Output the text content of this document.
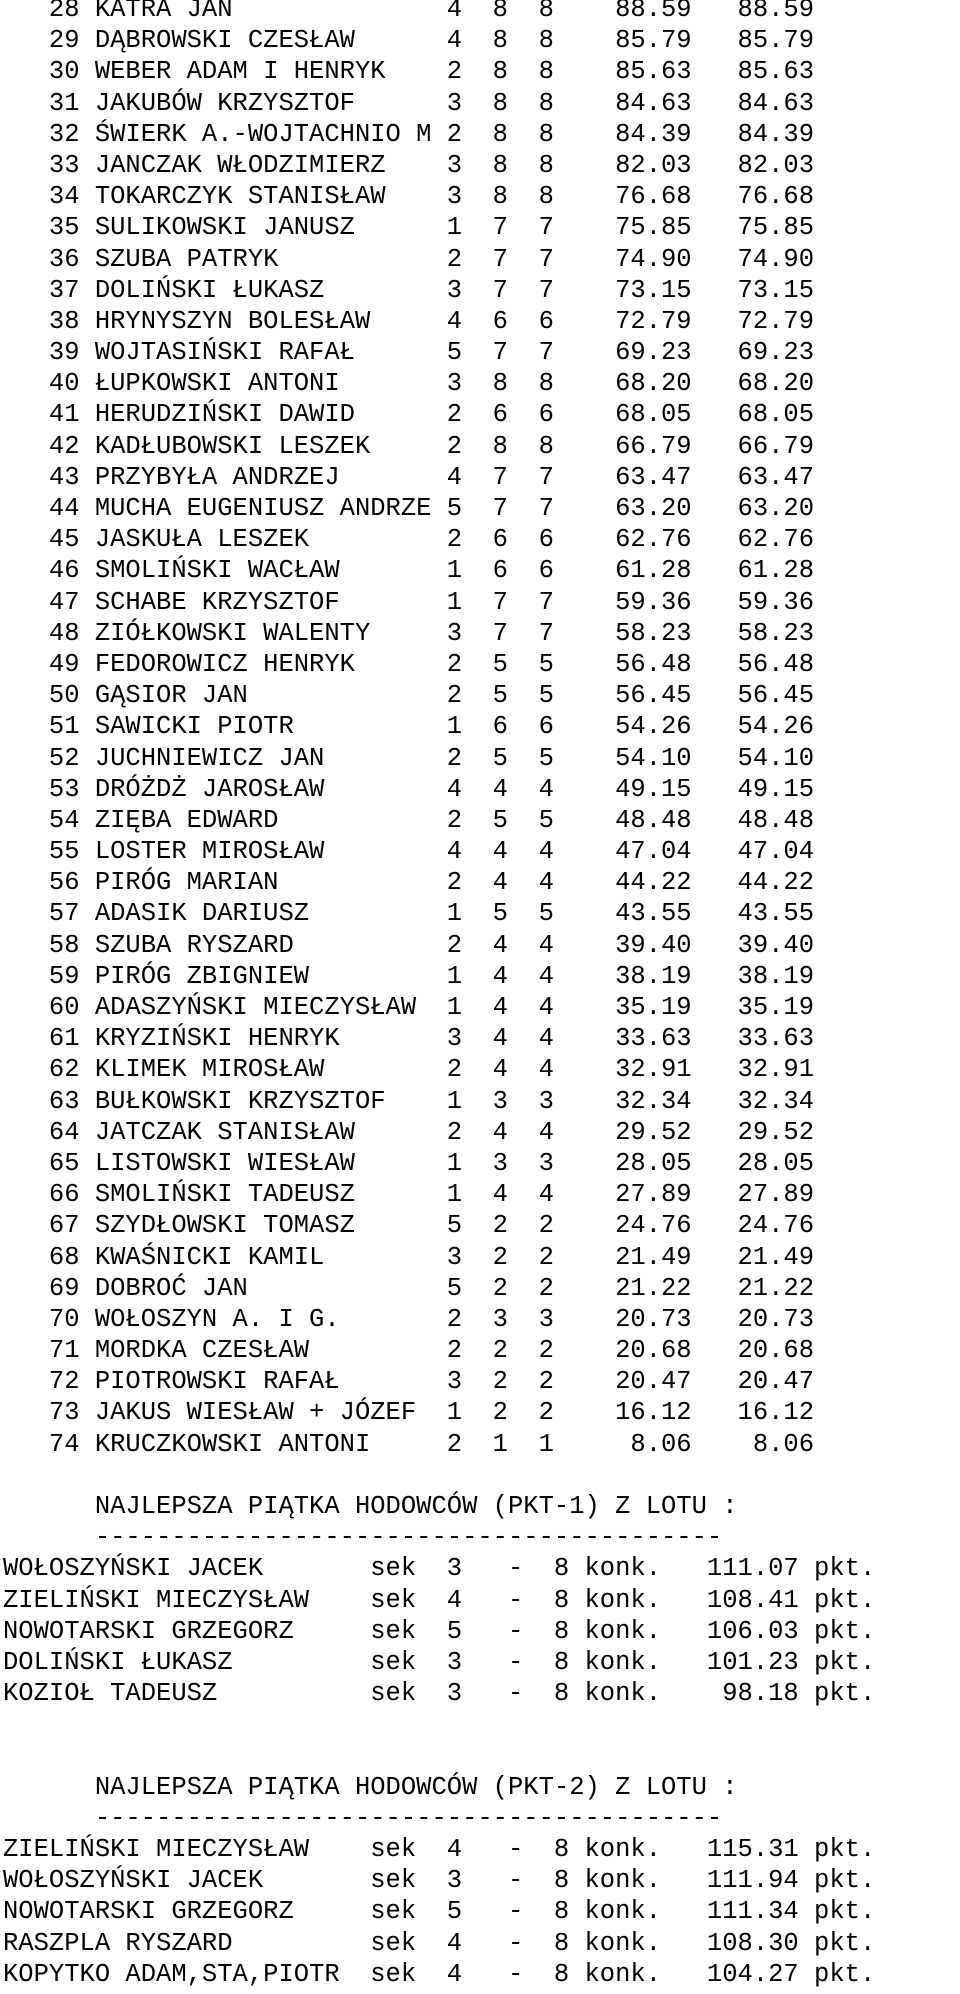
28 KATRA JAN              4  8  8    88.59   88.59
29 DĄBROWSKI CZESŁAW      4  8  8    85.79   85.79
30 WEBER ADAM I HENRYK    2  8  8    85.63   85.63
31 JAKUBÓW KRZYSZTOF      3  8  8    84.63   84.63
32 ŚWIERK A.-WOJTACHNIO M 2  8  8    84.39   84.39
33 JANCZAK WŁODZIMIERZ    3  8  8    82.03   82.03
34 TOKARCZYK STANISŁAW    3  8  8    76.68   76.68
35 SULIKOWSKI JANUSZ      1  7  7    75.85   75.85
36 SZUBA PATRYK           2  7  7    74.90   74.90
37 DOLIŃSKI ŁUKASZ        3  7  7    73.15   73.15
38 HRYNYSZYN BOLESŁAW     4  6  6    72.79   72.79
39 WOJTASIŃSKI RAFAŁ      5  7  7    69.23   69.23
40 ŁUPKOWSKI ANTONI       3  8  8    68.20   68.20
41 HERUDZIŃSKI DAWID      2  6  6    68.05   68.05
42 KADŁUBOWSKI LESZEK     2  8  8    66.79   66.79
43 PRZYBYŁA ANDRZEJ       4  7  7    63.47   63.47
44 MUCHA EUGENIUSZ ANDRZE 5  7  7    63.20   63.20
45 JASKUŁA LESZEK         2  6  6    62.76   62.76
46 SMOLIŃSKI WACŁAW       1  6  6    61.28   61.28
47 SCHABE KRZYSZTOF       1  7  7    59.36   59.36
48 ZIÓŁKOWSKI WALENTY     3  7  7    58.23   58.23
49 FEDOROWICZ HENRYK      2  5  5    56.48   56.48
50 GĄSIOR JAN             2  5  5    56.45   56.45
51 SAWICKI PIOTR          1  6  6    54.26   54.26
52 JUCHNIEWICZ JAN        2  5  5    54.10   54.10
53 DRÓŻDŻ JAROSŁAW        4  4  4    49.15   49.15
54 ZIĘBA EDWARD           2  5  5    48.48   48.48
55 LOSTER MIROSŁAW        4  4  4    47.04   47.04
56 PIRÓG MARIAN           2  4  4    44.22   44.22
57 ADASIK DARIUSZ         1  5  5    43.55   43.55
58 SZUBA RYSZARD          2  4  4    39.40   39.40
59 PIRÓG ZBIGNIEW         1  4  4    38.19   38.19
60 ADASZYŃSKI MIECZYSŁAW  1  4  4    35.19   35.19
61 KRYZIŃSKI HENRYK       3  4  4    33.63   33.63
62 KLIMEK MIROSŁAW        2  4  4    32.91   32.91
63 BUŁKOWSKI KRZYSZTOF    1  3  3    32.34   32.34
64 JATCZAK STANISŁAW      2  4  4    29.52   29.52
65 LISTOWSKI WIESŁAW      1  3  3    28.05   28.05
66 SMOLIŃSKI TADEUSZ      1  4  4    27.89   27.89
67 SZYDŁOWSKI TOMASZ      5  2  2    24.76   24.76
68 KWAŚNICKI KAMIL        3  2  2    21.49   21.49
69 DOBROĆ JAN             5  2  2    21.22   21.22
70 WOŁOSZYN A. I G.       2  3  3    20.73   20.73
71 MORDKA CZESŁAW         2  2  2    20.68   20.68
72 PIOTROWSKI RAFAŁ       3  2  2    20.47   20.47
73 JAKUS WIESŁAW + JÓZEF  1  2  2    16.12   16.12
74 KRUCZKOWSKI ANTONI     2  1  1     8.06    8.06
NAJLEPSZA PIĄTKA HODOWCÓW (PKT-1) Z LOTU :
-----------------------------------------
WOŁOSZYŃSKI JACEK       sek  3   -  8 konk.   111.07 pkt.
ZIELIŃSKI MIECZYSŁAW    sek  4   -  8 konk.   108.41 pkt.
NOWOTARSKI GRZEGORZ     sek  5   -  8 konk.   106.03 pkt.
DOLIŃSKI ŁUKASZ         sek  3   -  8 konk.   101.23 pkt.
KOZIOŁ TADEUSZ          sek  3   -  8 konk.    98.18 pkt.
NAJLEPSZA PIĄTKA HODOWCÓW (PKT-2) Z LOTU :
-----------------------------------------
ZIELIŃSKI MIECZYSŁAW    sek  4   -  8 konk.   115.31 pkt.
WOŁOSZYŃSKI JACEK       sek  3   -  8 konk.   111.94 pkt.
NOWOTARSKI GRZEGORZ     sek  5   -  8 konk.   111.34 pkt.
RASZPLA RYSZARD         sek  4   -  8 konk.   108.30 pkt.
KOPYTKO ADAM,STA,PIOTR  sek  4   -  8 konk.   104.27 pkt.
